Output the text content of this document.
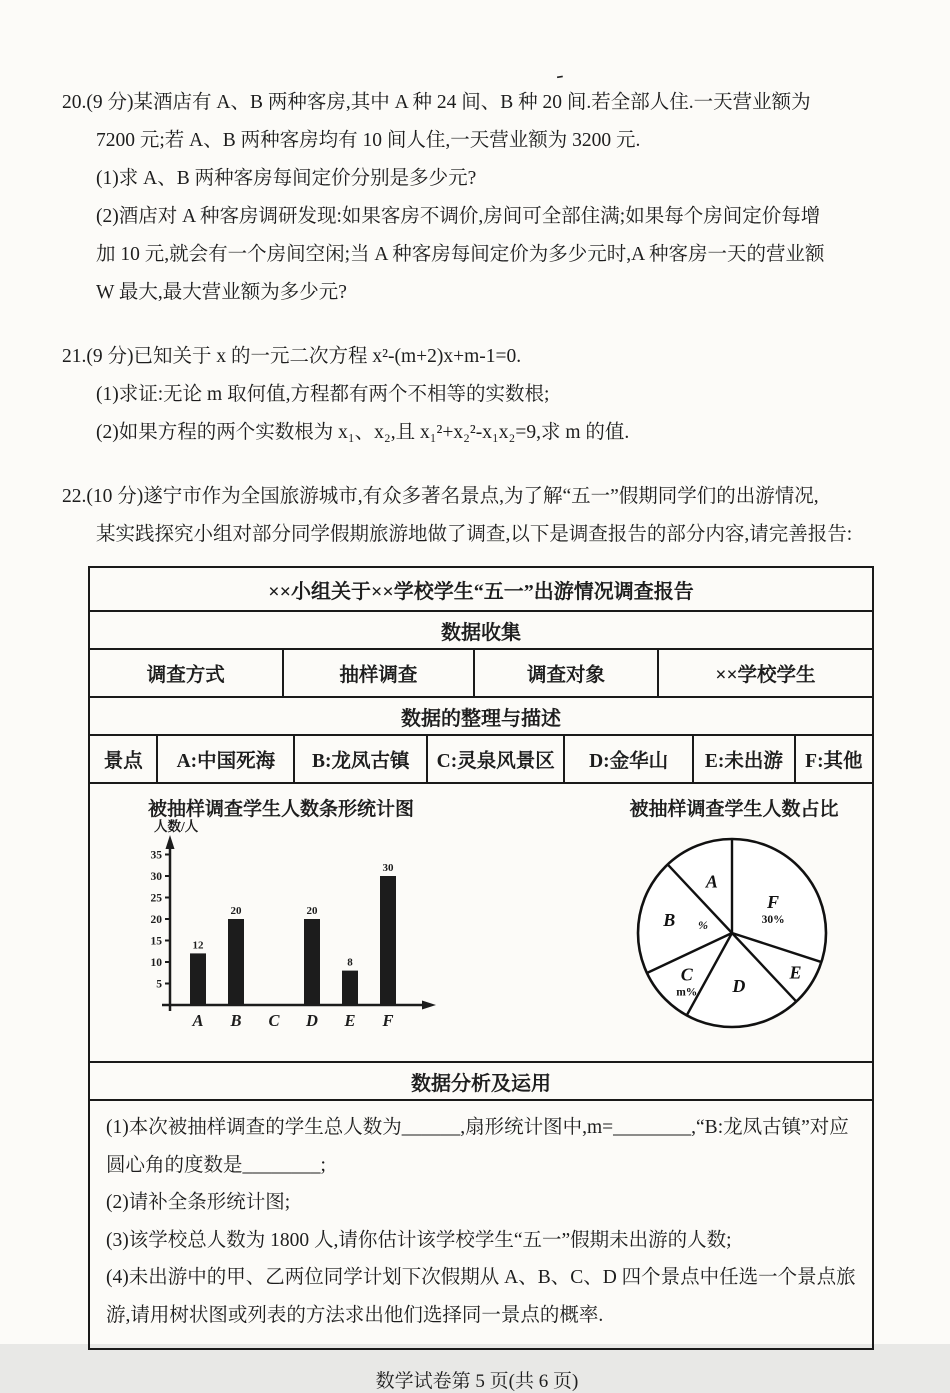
-
20.(9 分)某酒店有 A、B 两种客房,其中 A 种 24 间、B 种 20 间.若全部人住.一天营业额为
7200 元;若 A、B 两种客房均有 10 间人住,一天营业额为 3200 元.
(1)求 A、B 两种客房每间定价分别是多少元?
(2)酒店对 A 种客房调研发现:如果客房不调价,房间可全部住满;如果每个房间定价每增
加 10 元,就会有一个房间空闲;当 A 种客房每间定价为多少元时,A 种客房一天的营业额
W 最大,最大营业额为多少元?
21.(9 分)已知关于 x 的一元二次方程 x²-(m+2)x+m-1=0.
(1)求证:无论 m 取何值,方程都有两个不相等的实数根;
(2)如果方程的两个实数根为 x₁、x₂,且 x₁²+x₂²-x₁x₂=9,求 m 的值.
22.(10 分)遂宁市作为全国旅游城市,有众多著名景点,为了解“五一”假期同学们的出游情况,
某实践探究小组对部分同学假期旅游地做了调查,以下是调查报告的部分内容,请完善报告:
××小组关于××学校学生“五一”出游情况调查报告
数据收集
调查方式	抽样调查	调查对象	××学校学生
数据的整理与描述
景点	A:中国死海	B:龙凤古镇	C:灵泉风景区	D:金华山	E:未出游	F:其他
被抽样调查学生人数条形统计图
人数/人
5
10
15
20
25
30
35
12
A
20
B C
20
D
8
E
30
F
被抽样调查学生人数占比
A
B
C
m% D
E
F
30%
%
数据分析及运用
(1)本次被抽样调查的学生总人数为______,扇形统计图中,m=________,“B:龙凤古镇”对应圆心角的度数是________;
(2)请补全条形统计图;
(3)该学校总人数为 1800 人,请你估计该学校学生“五一”假期未出游的人数;
(4)未出游中的甲、乙两位同学计划下次假期从 A、B、C、D 四个景点中任选一个景点旅游,请用树状图或列表的方法求出他们选择同一景点的概率.
数学试卷第 5 页(共 6 页)
